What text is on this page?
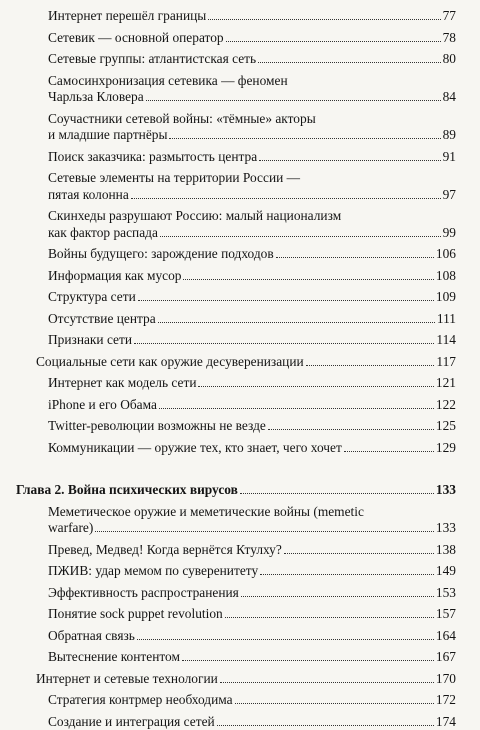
Интернет перешёл границы	77
Сетевик — основной оператор	78
Сетевые группы: атлантистская сеть	80
Самосинхронизация сетевика — феномен
Чарльза Кловера	84
Соучастники сетевой войны: «тёмные» акторы
и младшие партнёры	89
Поиск заказчика: размытость центра	91
Сетевые элементы на территории России —
пятая колонна	97
Скинхеды разрушают Россию: малый национализм
как фактор распада	99
Войны будущего: зарождение подходов	106
Информация как мусор	108
Структура сети	109
Отсутствие центра	111
Признаки сети	114
Социальные сети как оружие десуверенизации	117
Интернет как модель сети	121
iPhone и его Обама	122
Twitter-революции возможны не везде	125
Коммуникации — оружие тех, кто знает, чего хочет	129
Глава 2. Война психических вирусов	133
Меметическое оружие и меметические войны (memetic
warfare)	133
Превед, Медвед! Когда вернётся Ктулху?	138
ПЖИВ: удар мемом по суверенитету	149
Эффективность распространения	153
Понятие sock puppet revolution	157
Обратная связь	164
Вытеснение контентом	167
Интернет и сетевые технологии	170
Стратегия контрмер необходима	172
Создание и интеграция сетей	174
